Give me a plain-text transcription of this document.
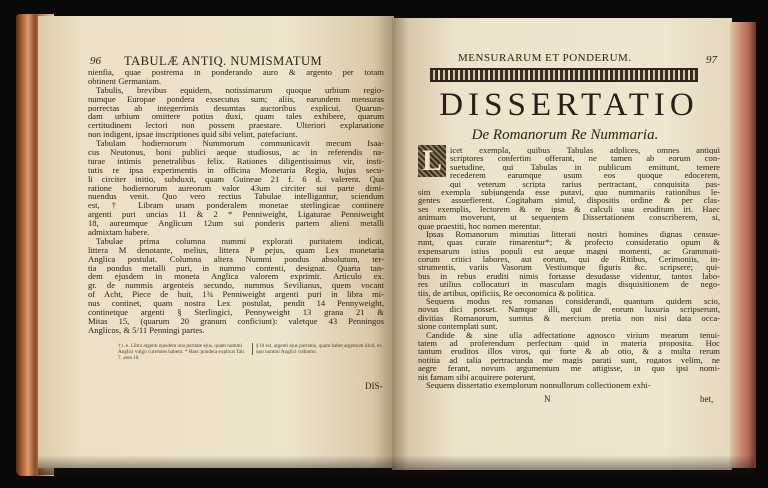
96 TABULÆ ANTIQ. NUMISMATUM
nienfia, quae postrema in ponderando auro & argento per totam
obtinent Germaniam.
Tabulis, brevibus equidem, notissimarum quoque urbium regio-
numque Europae pondera exsecutus sum; aliis, earundem mensuras
porrectas ab integerrimis desumtas auctoribus explicui. Quarun-
dam urbium omittere potius duxi, quam tales exhibere, quarum
certitudinem lectori non possem praestare. Ulteriori explanatione
non indigent, ipsae inscriptiones quid sibi velint, patefaciunt.
Tabulam hodiernorum Nummorum communicavit mecum Isaa-
cus Neutonus, boni publici aeque studiosus, ac in referendis na-
turae intimis penetralibus felix. Rationes diligentissimus vir, insti-
tutis re ipsa experimentis in officina Monetaria Regia, hujus secu-
li circiter initio, subduxit, quam Guineae 21 f. 6 d. valerent. Qua
ratione hodiernorum aureorum valor 43um circiter sui parte dimi-
nuendus venit. Quo vero rectius Tabulae intelligantur, sciendum
est, † Libram unam ponderalem monetae sterlingicae continere
argenti puri uncias 11 & 2 * Penniweight, Ligaturae Penniweight
18, aureumque Anglicum 12um sui ponderis partem alieni metalli
admixtam habere.
Tabulae prima columna nummi explorati puritatem indicat,
littera M denotante, melius, littera P pejus, quam Lex monetaria
Anglica postulat. Columna altera Nummi pondus absolutum, ter-
tia pondus metalli puri, in nummo contenti, designat. Quarta tan-
dem ejusdem in moneta Anglica valorem exprimit. Articulo ex.
gr. de nummis argenteis secundo, nummus Sevilianus, quem vocant
of Acht, Piece de huit, 1¾ Penniweight argenti puri in libra mi-
nus continet, quam nostra Lex postulat, pendit 14 Pennyweight,
continetque argenti § Sterlingici, Pennyweight 13 grana 21 &
Mitas 15, (quarum 20 granum conficiunt): valetque 43 Penningos
Anglicos, & 5/11 Penningi partes.
† i. e. Libra argenti ejusdem una puritate ejus, quam nummi Anglici vulgo currentes habent. * Haec pondera explicat Tab. 7. area 16.
§ Id est, argenti ejus puritatis, quam habet argentum illud, ex quo nummi Anglici cuduntur.
DIS-
MENSURARUM ET PONDERUM.	97
DISSERTATIO
De Romanorum Re Nummaria.
L icet exempla, quibus Tabulas adplices, omnes antiqui
scriptores confertim offerant, ne tamen ab eorum con-
suetudine, qui Tabulas in publicum emittunt, temere
recederem earumque usum eos quoque edocerem,
qui veterum scripta rarius pertractant, conquisita pas-
sim exempla subjungenda esse putavi, quo nummariis rationibus le-
gentes assuefierent. Cogitabam simul, dispositis ordine & per clas-
ses exemplis, lectorem & re ipsa & calculi usu eruditum iri. Haec
animum moverunt, ut sequentem Dissertationem conscriberem, si,
quae praestiti, hoc nomen merentur.
Ipsas Romanorum minutias litterati nostri homines dignas censue-
runt, quas curate rimarentur*; & profecto consideratio opum &
expensarum istius populi est aeque magni momenti, ac Grammati-
corum critici labores, aut eorum, qui de Ritibus, Cerimoniis, in-
strumentis, variis Vasorum Vestiumque figuris &c. scripsere; qui-
bus in rebus eruditi nimis fortasse desudasse videntur, tantos labo-
res utilius collocaturi in masculam magis disquisitionem de nego-
tiis, de artibus, opificiis, Re oeconomica & politica.
Sequens modus res romanas considerandi, quantum quidem scio,
novus dici posset. Namque illi, qui de eorum luxuria scripserunt,
divitias Romanorum, sumtus & mercium pretia non nisi data occa-
sione contemplati sunt.
Candide & sine ulla adfectatione agnosco virium mearum tenui-
tatem ad proferendum perfectum quid in materia proposita. Hoc
tantum eruditos illos viros, qui forte & ab otio, & a multa rerum
notitia ad talia pertractanda me magis parati sunt, rogatos velim, ne
aegre ferant, novum argumentum me attigisse, in quo ipsi nomi-
nis famam sibi acquirere poterunt.
Sequens dissertatio exemplorum nonnullorum collectionem exhi-
N	bet,
